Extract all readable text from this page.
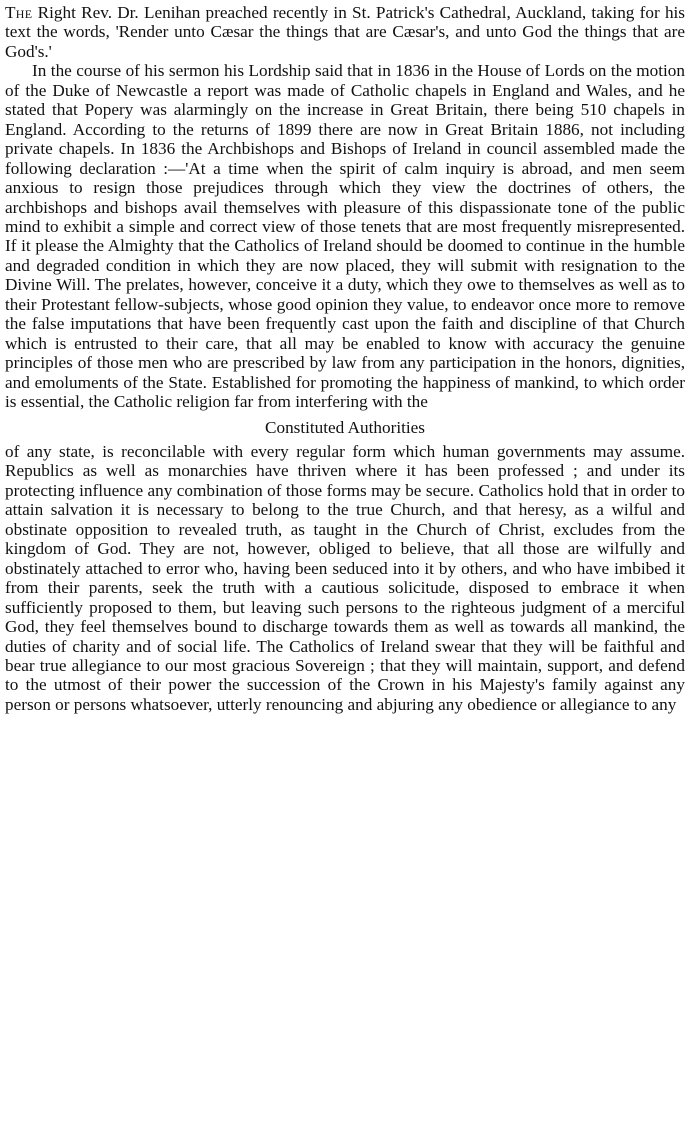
The Right Rev. Dr. Lenihan preached recently in St. Patrick's Cathedral, Auckland, taking for his text the words, 'Render unto Cæsar the things that are Cæsar's, and unto God the things that are God's.'

In the course of his sermon his Lordship said that in 1836 in the House of Lords on the motion of the Duke of Newcastle a report was made of Catholic chapels in England and Wales, and he stated that Popery was alarmingly on the increase in Great Britain, there being 510 chapels in England. According to the returns of 1899 there are now in Great Britain 1886, not including private chapels. In 1836 the Archbishops and Bishops of Ireland in council assembled made the following declaration :—'At a time when the spirit of calm inquiry is abroad, and men seem anxious to resign those prejudices through which they view the doctrines of others, the archbishops and bishops avail themselves with pleasure of this dispassionate tone of the public mind to exhibit a simple and correct view of those tenets that are most frequently misrepresented. If it please the Almighty that the Catholics of Ireland should be doomed to continue in the humble and degraded condition in which they are now placed, they will submit with resignation to the Divine Will. The prelates, however, conceive it a duty, which they owe to themselves as well as to their Protestant fellow-subjects, whose good opinion they value, to endeavor once more to remove the false imputations that have been frequently cast upon the faith and discipline of that Church which is entrusted to their care, that all may be enabled to know with accuracy the genuine principles of those men who are prescribed by law from any participation in the honors, dignities, and emoluments of the State. Established for promoting the happiness of mankind, to which order is essential, the Catholic religion far from interfering with the

Constituted Authorities

of any state, is reconcilable with every regular form which human governments may assume. Republics as well as monarchies have thriven where it has been professed ; and under its protecting influence any combination of those forms may be secure. Catholics hold that in order to attain salvation it is necessary to belong to the true Church, and that heresy, as a wilful and obstinate opposition to revealed truth, as taught in the Church of Christ, excludes from the kingdom of God. They are not, however, obliged to believe, that all those are wilfully and obstinately attached to error who, having been seduced into it by others, and who have imbibed it from their parents, seek the truth with a cautious solicitude, disposed to embrace it when sufficiently proposed to them, but leaving such persons to the righteous judgment of a merciful God, they feel themselves bound to discharge towards them as well as towards all mankind, the duties of charity and of social life. The Catholics of Ireland swear that they will be faithful and bear true allegiance to our most gracious Sovereign ; that they will maintain, support, and defend to the utmost of their power the succession of the Crown in his Majesty's family against any person or persons whatsoever, utterly renouncing and abjuring any obedience or allegiance to any
